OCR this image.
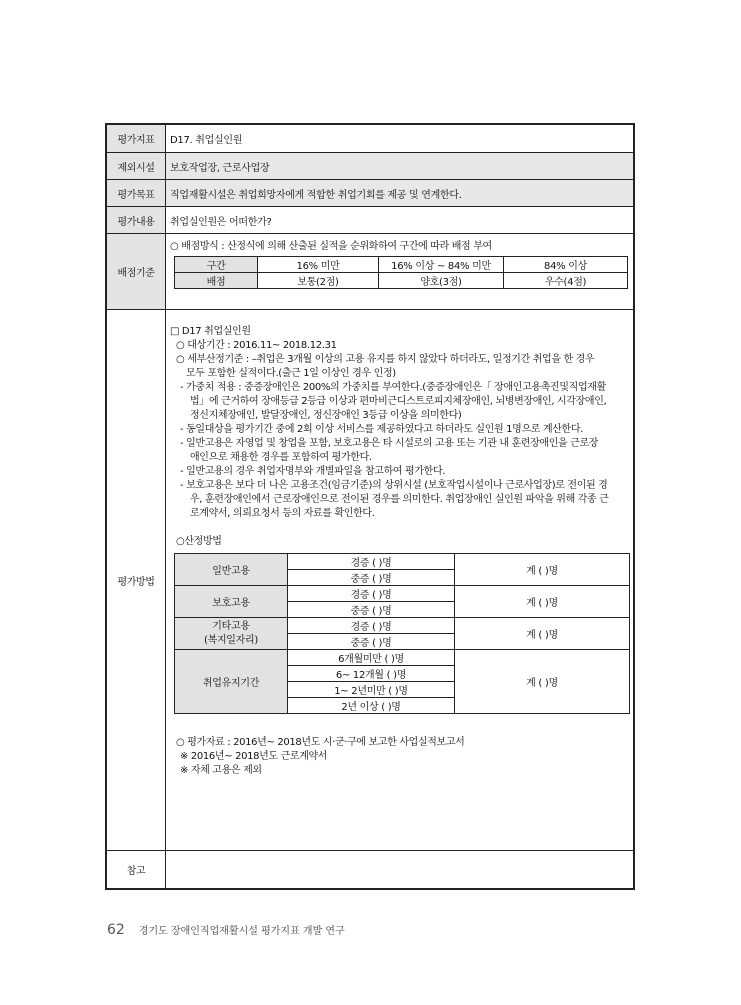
평가지표	D17. 취업실인원
제외시설	보호작업장, 근로사업장
평가목표	직업재활시설은 취업희망자에게 적합한 취업기회를 제공 및 연계한다.
평가내용	취업실인원은 어떠한가?
배점기준
○ 배점방식 : 산정식에 의해 산출된 실적을 순위화하여 구간에 따라 배점 부여
구간	16% 미만	16% 이상 ~ 84% 미만	84% 이상
배점	보통(2점)	양호(3점)	우수(4점)
평가방법
□ D17 취업실인원
○ 대상기간 : 2016.11~ 2018.12.31
○ 세부산정기준 : –취업은 3개월 이상의 고용 유지를 하지 않았다 하더라도, 일정기간 취업을 한 경우
모두 포함한 실적이다.(출근 1일 이상인 경우 인정)
- 가중치 적용 : 중증장애인은 200%의 가중치를 부여한다.(중증장애인은「 장애인고용촉진및직업재활
법」에 근거하여 장애등급 2등급 이상과 편마비근디스트로피지체장애인, 뇌병변장애인, 시각장애인,
정신지체장애인, 발달장애인, 정신장애인 3등급 이상을 의미한다)
- 동일대상을 평가기간 중에 2회 이상 서비스를 제공하였다고 하더라도 실인원 1명으로 계산한다.
- 일반고용은 자영업 및 창업을 포함, 보호고용은 타 시설로의 고용 또는 기관 내 훈련장애인을 근로장
애인으로 채용한 경우를 포함하여 평가한다.
- 일반고용의 경우 취업자명부와 개별파일을 참고하여 평가한다.
- 보호고용은 보다 더 나은 고용조건(임금기준)의 상위시설 (보호작업시설이나 근로사업장)로 전이된 경
우, 훈련장애인에서 근로장애인으로 전이된 경우를 의미한다. 취업장애인 실인원 파악을 위해 각종 근
로계약서, 의뢰요청서 등의 자료를 확인한다.
○산정방법
일반고용	경증 ( )명	계 ( )명
	중증 ( )명	
보호고용	경증 ( )명	계 ( )명
	중증 ( )명	

기타고용
(복지일자리)	경증 ( )명	계 ( )명
	중증 ( )명	
취업유지기간	6개월미만 ( )명	계 ( )명
	6~ 12개월 ( )명	
	1~ 2년미만 ( )명	
	2년 이상 ( )명	
○ 평가자료 : 2016년~ 2018년도 시·군·구에 보고한 사업실적보고서
※ 2016년~ 2018년도 근로계약서
※ 자체 고용은 제외
참고
62 경기도 장애인직업재활시설 평가지표 개발 연구
